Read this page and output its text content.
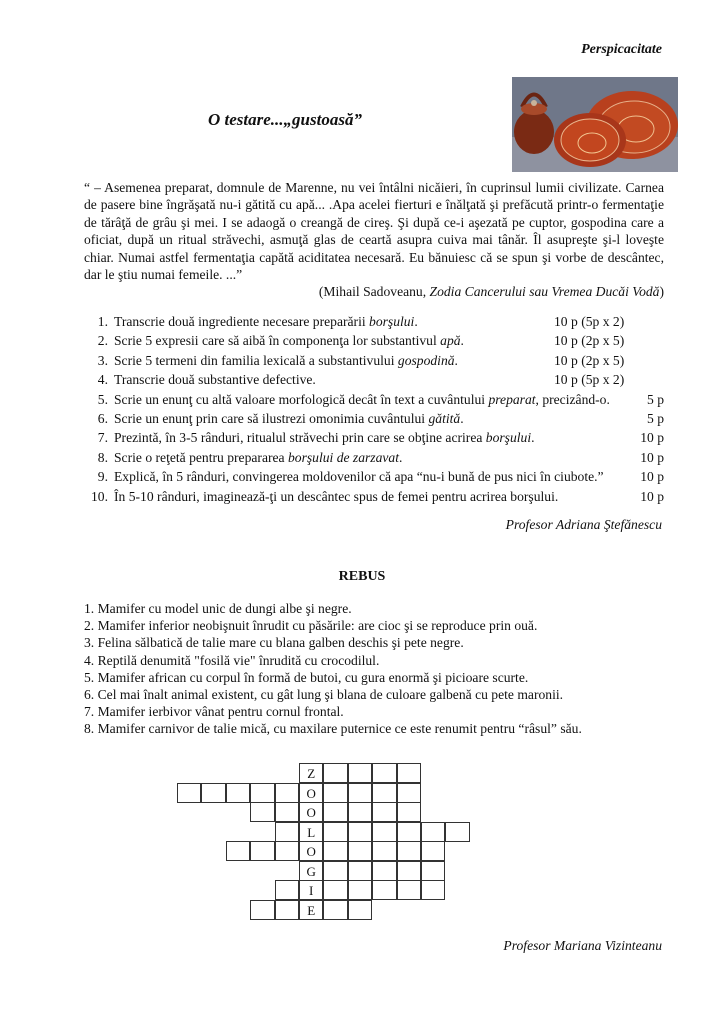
Perspicacitate
O testare...„gustoasă”
“ – Asemenea preparat, domnule de Marenne, nu vei întâlni nicăieri, în cuprinsul lumii civilizate. Carnea de pasere bine îngrăşată nu-i gătită cu apă... .Apa acelei fierturi e înălţată şi prefăcută printr-o fermentaţie de tărâţă de grâu şi mei. I se adaogă o creangă de cireş. Şi după ce-i aşezată pe cuptor, gospodina care a oficiat, după un ritual străvechi, asmuţă glas de ceartă asupra cuiva mai tânăr. Îl asupreşte şi-l loveşte chiar. Numai astfel fermentaţia capătă aciditatea necesară. Eu bănuiesc că se spun şi vorbe de descântec, dar le ştiu numai femeile. ...”
(Mihail Sadoveanu, Zodia Cancerului sau Vremea Ducăi Vodă)
1. Transcrie două ingrediente necesare preparării borşului.	10 p (5p x 2)
2. Scrie 5 expresii care să aibă în componenţa lor substantivul apă.	10 p (2p x 5)
3. Scrie 5 termeni din familia lexicală a substantivului gospodină.	10 p (2p x 5)
4. Transcrie două substantive defective.	10 p (5p x 2)
5. Scrie un enunţ cu altă valoare morfologică decât în text a cuvântului preparat, precizând-o.	5 p
6. Scrie un enunţ prin care să ilustrezi omonimia cuvântului gătită.	5 p
7. Prezintă, în 3-5 rânduri, ritualul străvechi prin care se obţine acrirea borşului.	10 p
8. Scrie o reţetă pentru prepararea borşului de zarzavat.	10 p
9. Explică, în 5 rânduri, convingerea moldovenilor că apa “nu-i bună de pus nici în ciubote.”	10 p
10. În 5-10 rânduri, imaginează-ţi un descântec spus de femei pentru acrirea borşului.	10 p
Profesor Adriana Ştefănescu
REBUS
1. Mamifer cu model unic de dungi albe şi negre.
2. Mamifer inferior neobişnuit înrudit cu păsările: are cioc şi se reproduce prin ouă.
3. Felina sălbatică de talie mare cu blana galben deschis şi pete negre.
4. Reptilă denumită "fosilă vie" înrudită cu crocodilul.
5. Mamifer african cu corpul în formă de butoi, cu gura enormă şi picioare scurte.
6. Cel mai înalt animal existent, cu gât lung şi blana de culoare galbenă cu pete maronii.
7. Mamifer ierbivor vânat pentru cornul frontal.
8. Mamifer carnivor de talie mică, cu maxilare puternice ce este renumit pentru “râsul” său.
Z
O
O
L
O
G
I
E
Profesor Mariana Vizinteanu
